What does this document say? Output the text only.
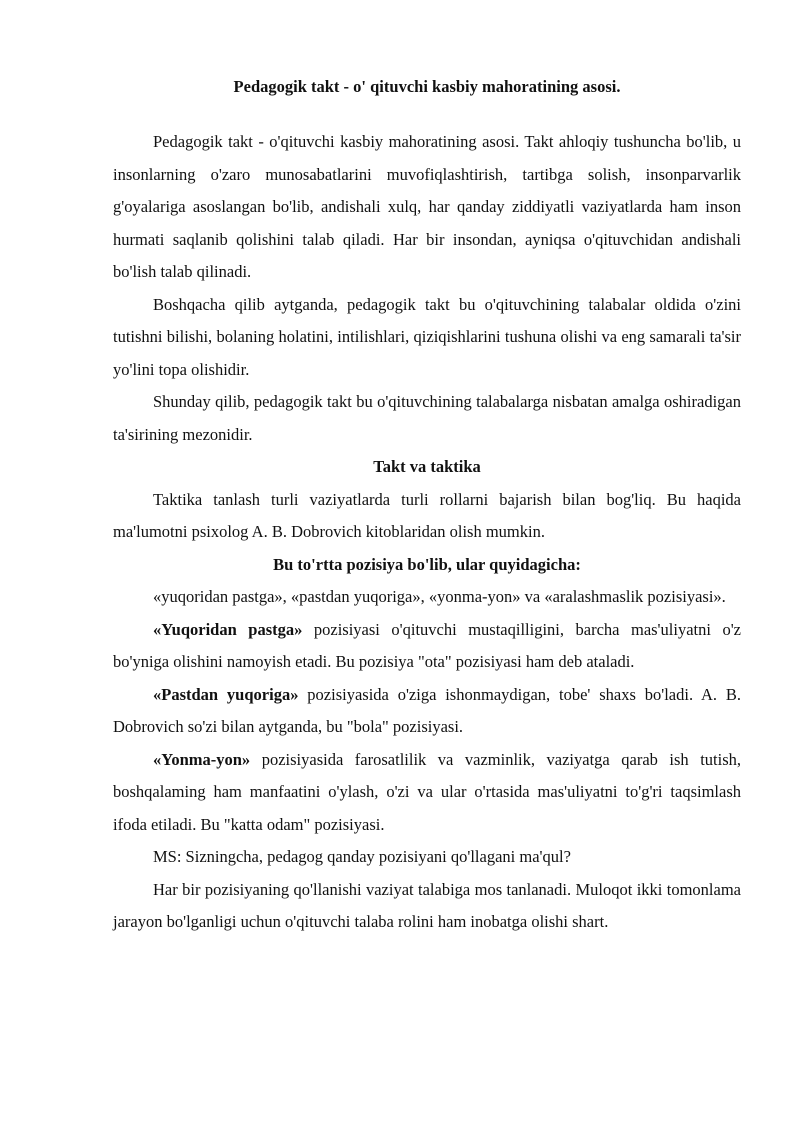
Pedagogik takt - o' qituvchi kasbiy mahoratining asosi.

Pedagogik takt - o'qituvchi kasbiy mahoratining asosi. Takt ahloqiy tushuncha bo'lib, u insonlarning o'zaro munosabatlarini muvofiqlashtirish, tartibga solish, insonparvarlik g'oyalariga asoslangan bo'lib, andishali xulq, har qanday ziddiyatli vaziyatlarda ham inson hurmati saqlanib qolishini talab qiladi. Har bir insondan, ayniqsa o'qituvchidan andishali bo'lish talab qilinadi.

Boshqacha qilib aytganda, pedagogik takt bu o'qituvchining talabalar oldida o'zini tutishni bilishi, bolaning holatini, intilishlari, qiziqishlarini tushuna olishi va eng samarali ta'sir yo'lini topa olishidir.

Shunday qilib, pedagogik takt bu o'qituvchining talabalarga nisbatan amalga oshiradigan ta'sirining mezonidir.

Takt va taktika

Taktika tanlash turli vaziyatlarda turli rollarni bajarish bilan bog'liq. Bu haqida ma'lumotni psixolog A. B. Dobrovich kitoblaridan olish mumkin.

Bu to'rtta pozisiya bo'lib, ular quyidagicha:

«yuqoridan pastga», «pastdan yuqoriga», «yonma-yon» va «aralashmaslik pozisiyasi».

«Yuqoridan pastga» pozisiyasi o'qituvchi mustaqilligini, barcha mas'uliyatni o'z bo'yniga olishini namoyish etadi. Bu pozisiya "ota" pozisiyasi ham deb ataladi.

«Pastdan yuqoriga» pozisiyasida o'ziga ishonmaydigan, tobe' shaxs bo'ladi. A. B. Dobrovich so'zi bilan aytganda, bu "bola" pozisiyasi.

«Yonma-yon» pozisiyasida farosatlilik va vazminlik, vaziyatga qarab ish tutish, boshqalaming ham manfaatini o'ylash, o'zi va ular o'rtasida mas'uliyatni to'g'ri taqsimlash ifoda etiladi. Bu "katta odam" pozisiyasi.

MS: Sizningcha, pedagog qanday pozisiyani qo'llagani ma'qul?

Har bir pozisiyaning qo'llanishi vaziyat talabiga mos tanlanadi. Muloqot ikki tomonlama jarayon bo'lganligi uchun o'qituvchi talaba rolini ham inobatga olishi shart.
